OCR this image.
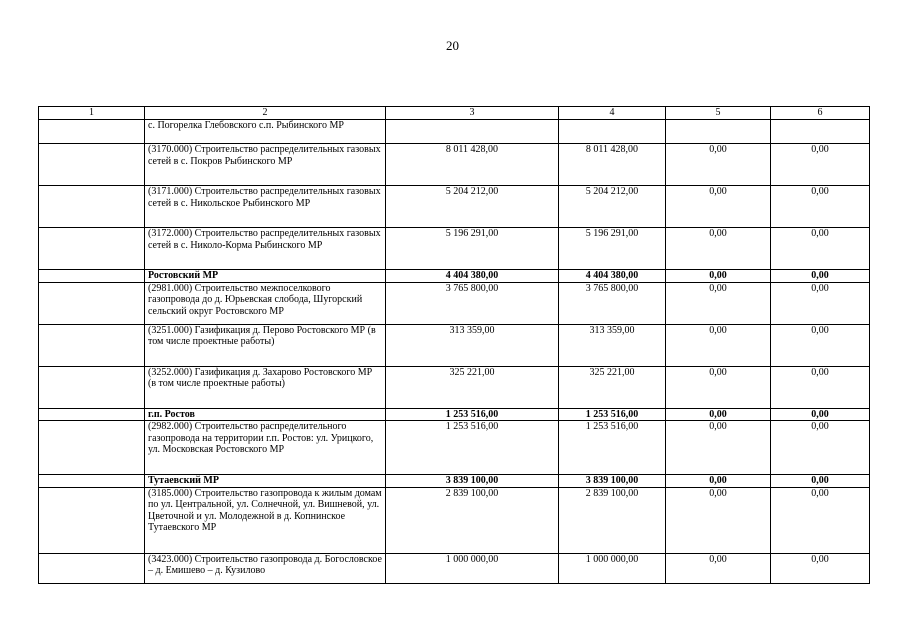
20
1	2	3	4	5	6
	с. Погорелка Глебовского с.п. Рыбинского МР				
	(3170.000) Строительство распределительных газовых сетей в с. Покров Рыбинского МР	8 011 428,00	8 011 428,00	0,00	0,00
	(3171.000) Строительство распределительных газовых сетей в с. Никольское Рыбинского МР	5 204 212,00	5 204 212,00	0,00	0,00
	(3172.000) Строительство распределительных газовых сетей в с. Николо-Корма Рыбинского МР	5 196 291,00	5 196 291,00	0,00	0,00
	Ростовский МР	4 404 380,00	4 404 380,00	0,00	0,00
	(2981.000) Строительство межпоселкового газопровода до д. Юрьевская слобода, Шугорский сельский округ Ростовского МР	3 765 800,00	3 765 800,00	0,00	0,00
	(3251.000) Газификация д. Перово Ростовского МР (в том числе проектные работы)	313 359,00	313 359,00	0,00	0,00
	(3252.000) Газификация д. Захарово Ростовского МР (в том числе проектные работы)	325 221,00	325 221,00	0,00	0,00
	г.п. Ростов	1 253 516,00	1 253 516,00	0,00	0,00
	(2982.000) Строительство распределительного газопровода на территории г.п. Ростов: ул. Урицкого, ул. Московская Ростовского МР	1 253 516,00	1 253 516,00	0,00	0,00
	Тутаевский МР	3 839 100,00	3 839 100,00	0,00	0,00
	(3185.000) Строительство газопровода к жилым домам по ул. Центральной, ул. Солнечной, ул. Вишневой, ул. Цветочной и ул. Молодежной в д. Копнинское Тутаевского МР	2 839 100,00	2 839 100,00	0,00	0,00
	(3423.000) Строительство газопровода д. Богословское – д. Емишево – д. Кузилово	1 000 000,00	1 000 000,00	0,00	0,00
